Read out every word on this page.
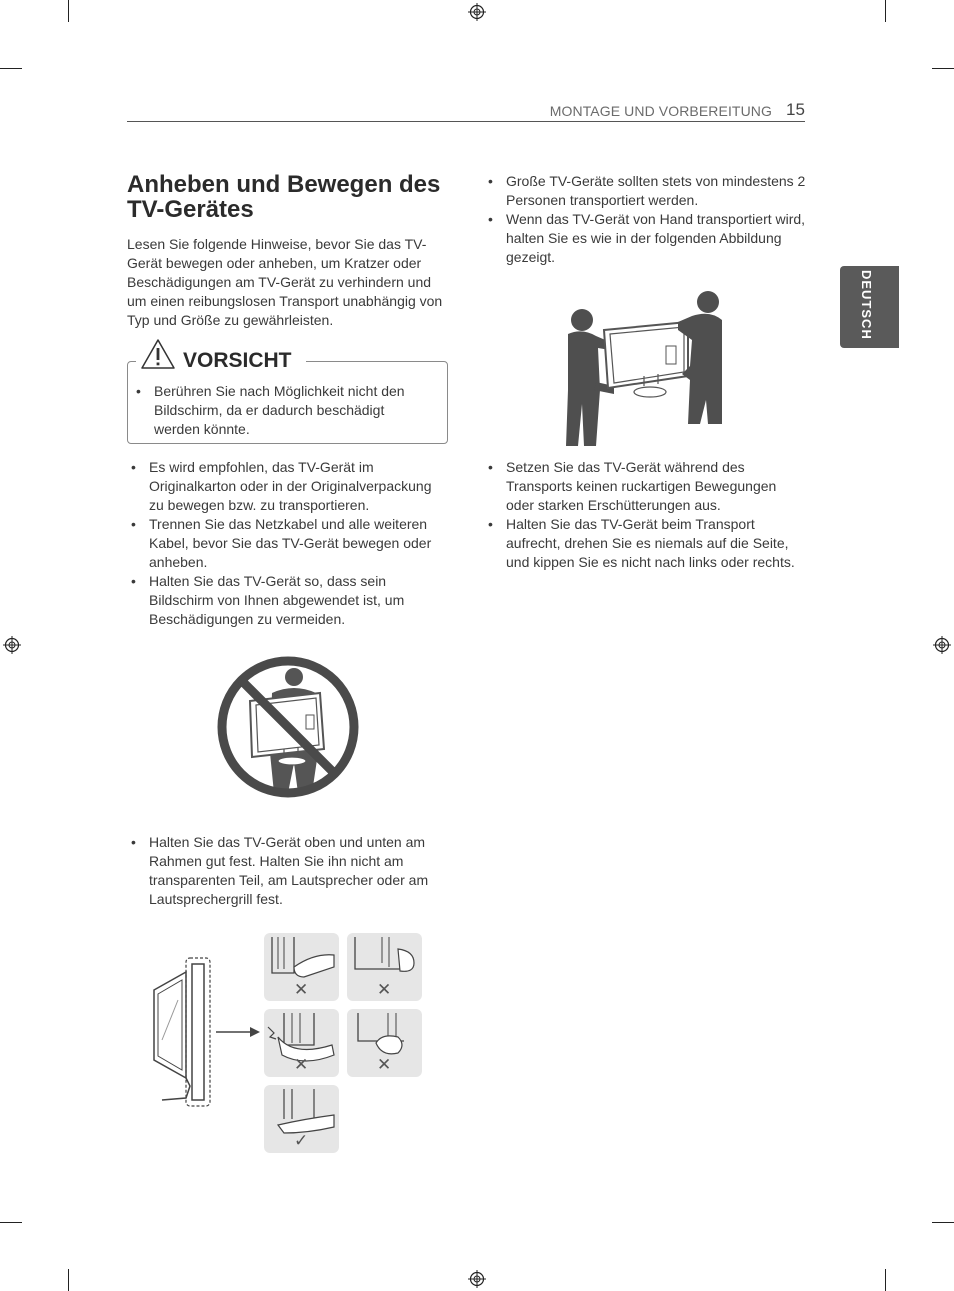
MONTAGE UND VORBEREITUNG 15
DEUTSCH
Anheben und Bewegen des TV-Gerätes

Lesen Sie folgende Hinweise, bevor Sie das TV-Gerät bewegen oder anheben, um Kratzer oder Beschädigungen am TV-Gerät zu verhindern und um einen reibungslosen Transport unabhängig von Typ und Größe zu gewährleisten.

VORSICHT
• Berühren Sie nach Möglichkeit nicht den Bildschirm, da er dadurch beschädigt werden könnte.
• Es wird empfohlen, das TV-Gerät im Originalkarton oder in der Originalverpackung zu bewegen bzw. zu transportieren.
• Trennen Sie das Netzkabel und alle weiteren Kabel, bevor Sie das TV-Gerät bewegen oder anheben.
• Halten Sie das TV-Gerät so, dass sein Bildschirm von Ihnen abgewendet ist, um Beschädigungen zu vermeiden.
• Halten Sie das TV-Gerät oben und unten am Rahmen gut fest. Halten Sie ihn nicht am transparenten Teil, am Lautsprecher oder am Lautsprechergrill fest.
✕	✕
✕	✕
✓
• Große TV-Geräte sollten stets von mindestens 2 Personen transportiert werden.
• Wenn das TV-Gerät von Hand transportiert wird, halten Sie es wie in der folgenden Abbildung gezeigt.
• Setzen Sie das TV-Gerät während des Transports keinen ruckartigen Bewegungen oder starken Erschütterungen aus.
• Halten Sie das TV-Gerät beim Transport aufrecht, drehen Sie es niemals auf die Seite, und kippen Sie es nicht nach links oder rechts.
